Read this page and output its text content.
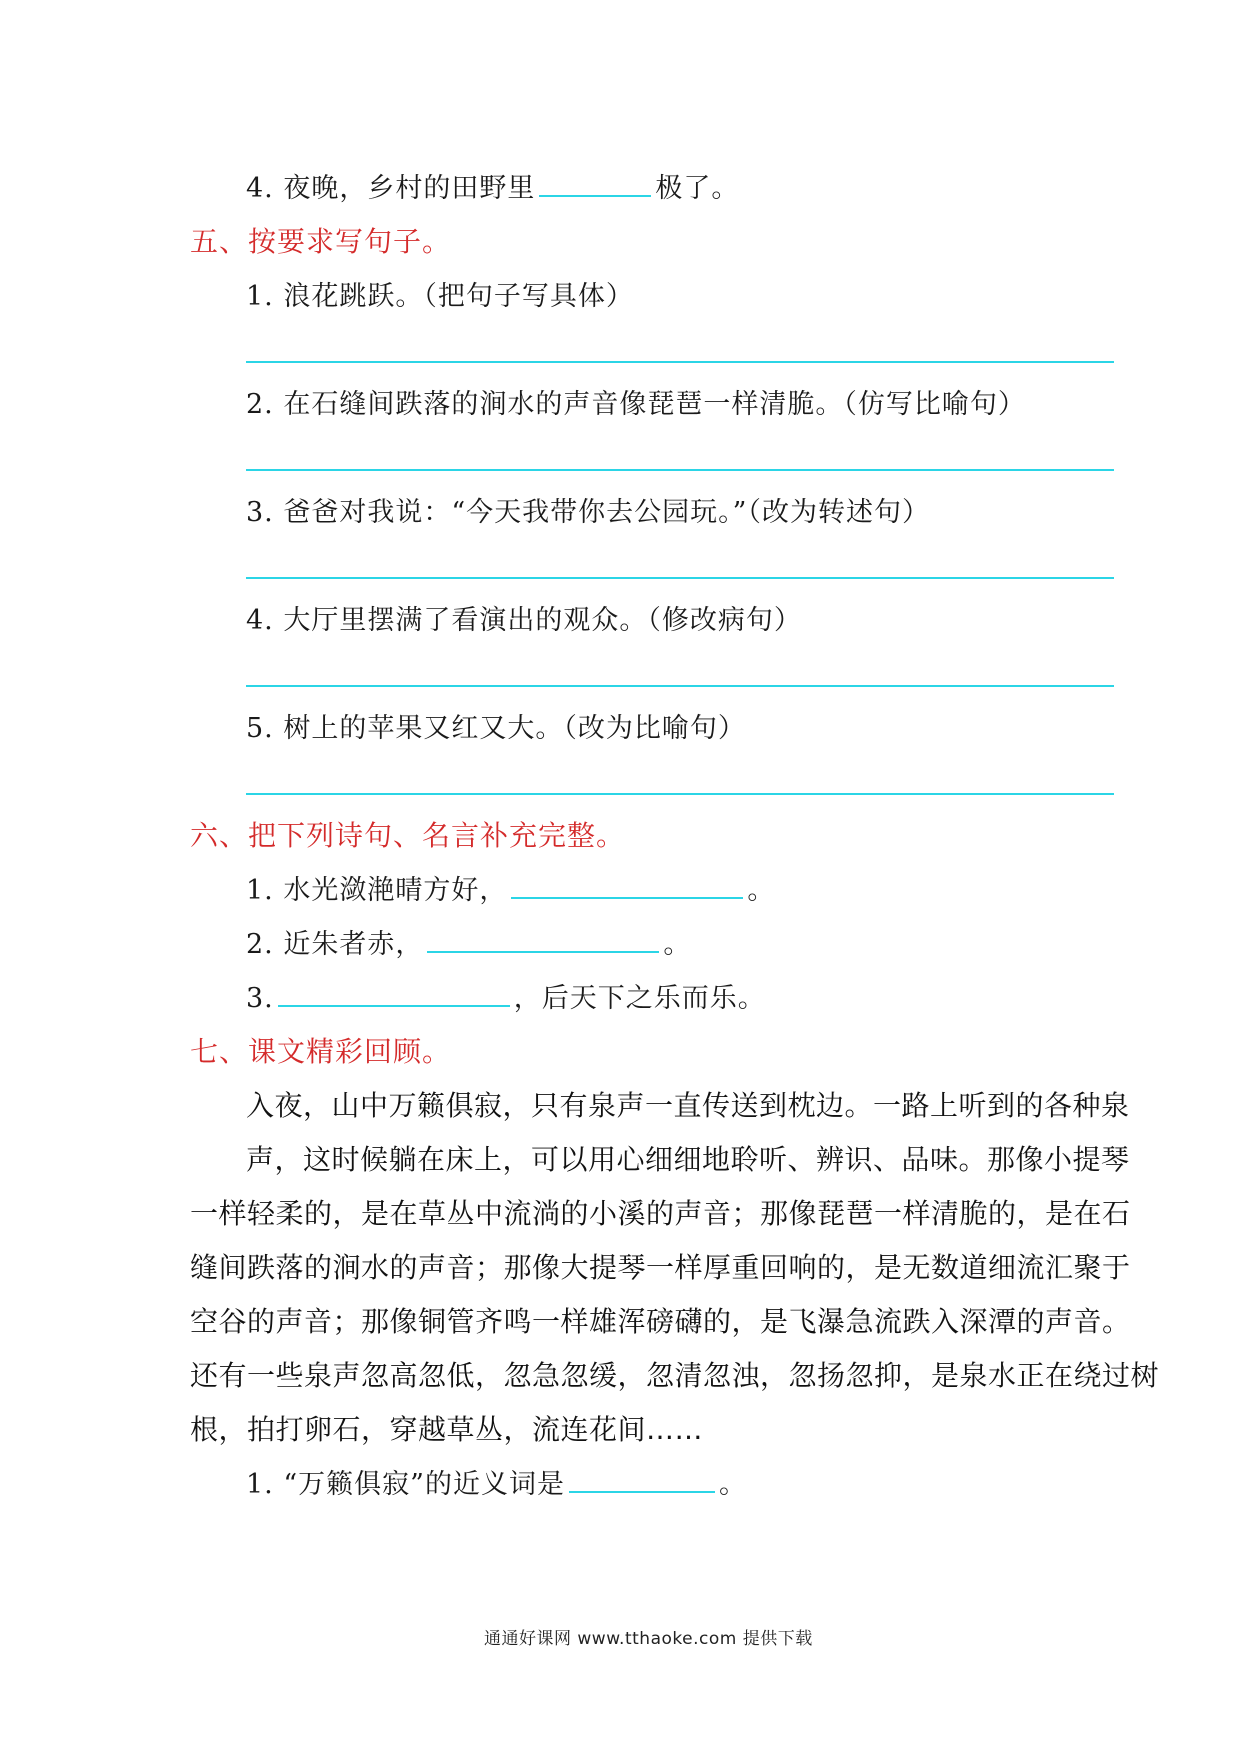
4. 夜晚，乡村的田野里	极了。
五、按要求写句子。
1. 浪花跳跃。（把句子写具体）
2. 在石缝间跌落的涧水的声音像琵琶一样清脆。（仿写比喻句）
3. 爸爸对我说：“今天我带你去公园玩。”（改为转述句）
4. 大厅里摆满了看演出的观众。（修改病句）
5. 树上的苹果又红又大。（改为比喻句）
六、把下列诗句、名言补充完整。
1. 水光潋滟晴方好，	。
2. 近朱者赤，	。
3.	，后天下之乐而乐。
七、课文精彩回顾。
入夜，山中万籁俱寂，只有泉声一直传送到枕边。一路上听到的各种泉
声，这时候躺在床上，可以用心细细地聆听、辨识、品味。那像小提琴
一样轻柔的，是在草丛中流淌的小溪的声音；那像琵琶一样清脆的，是在石
缝间跌落的涧水的声音；那像大提琴一样厚重回响的，是无数道细流汇聚于
空谷的声音；那像铜管齐鸣一样雄浑磅礴的，是飞瀑急流跌入深潭的声音。
还有一些泉声忽高忽低，忽急忽缓，忽清忽浊，忽扬忽抑，是泉水正在绕过树
根，拍打卵石，穿越草丛，流连花间……
1. “万籁俱寂”的近义词是	。
通通好课网 www.tthaoke.com 提供下载
